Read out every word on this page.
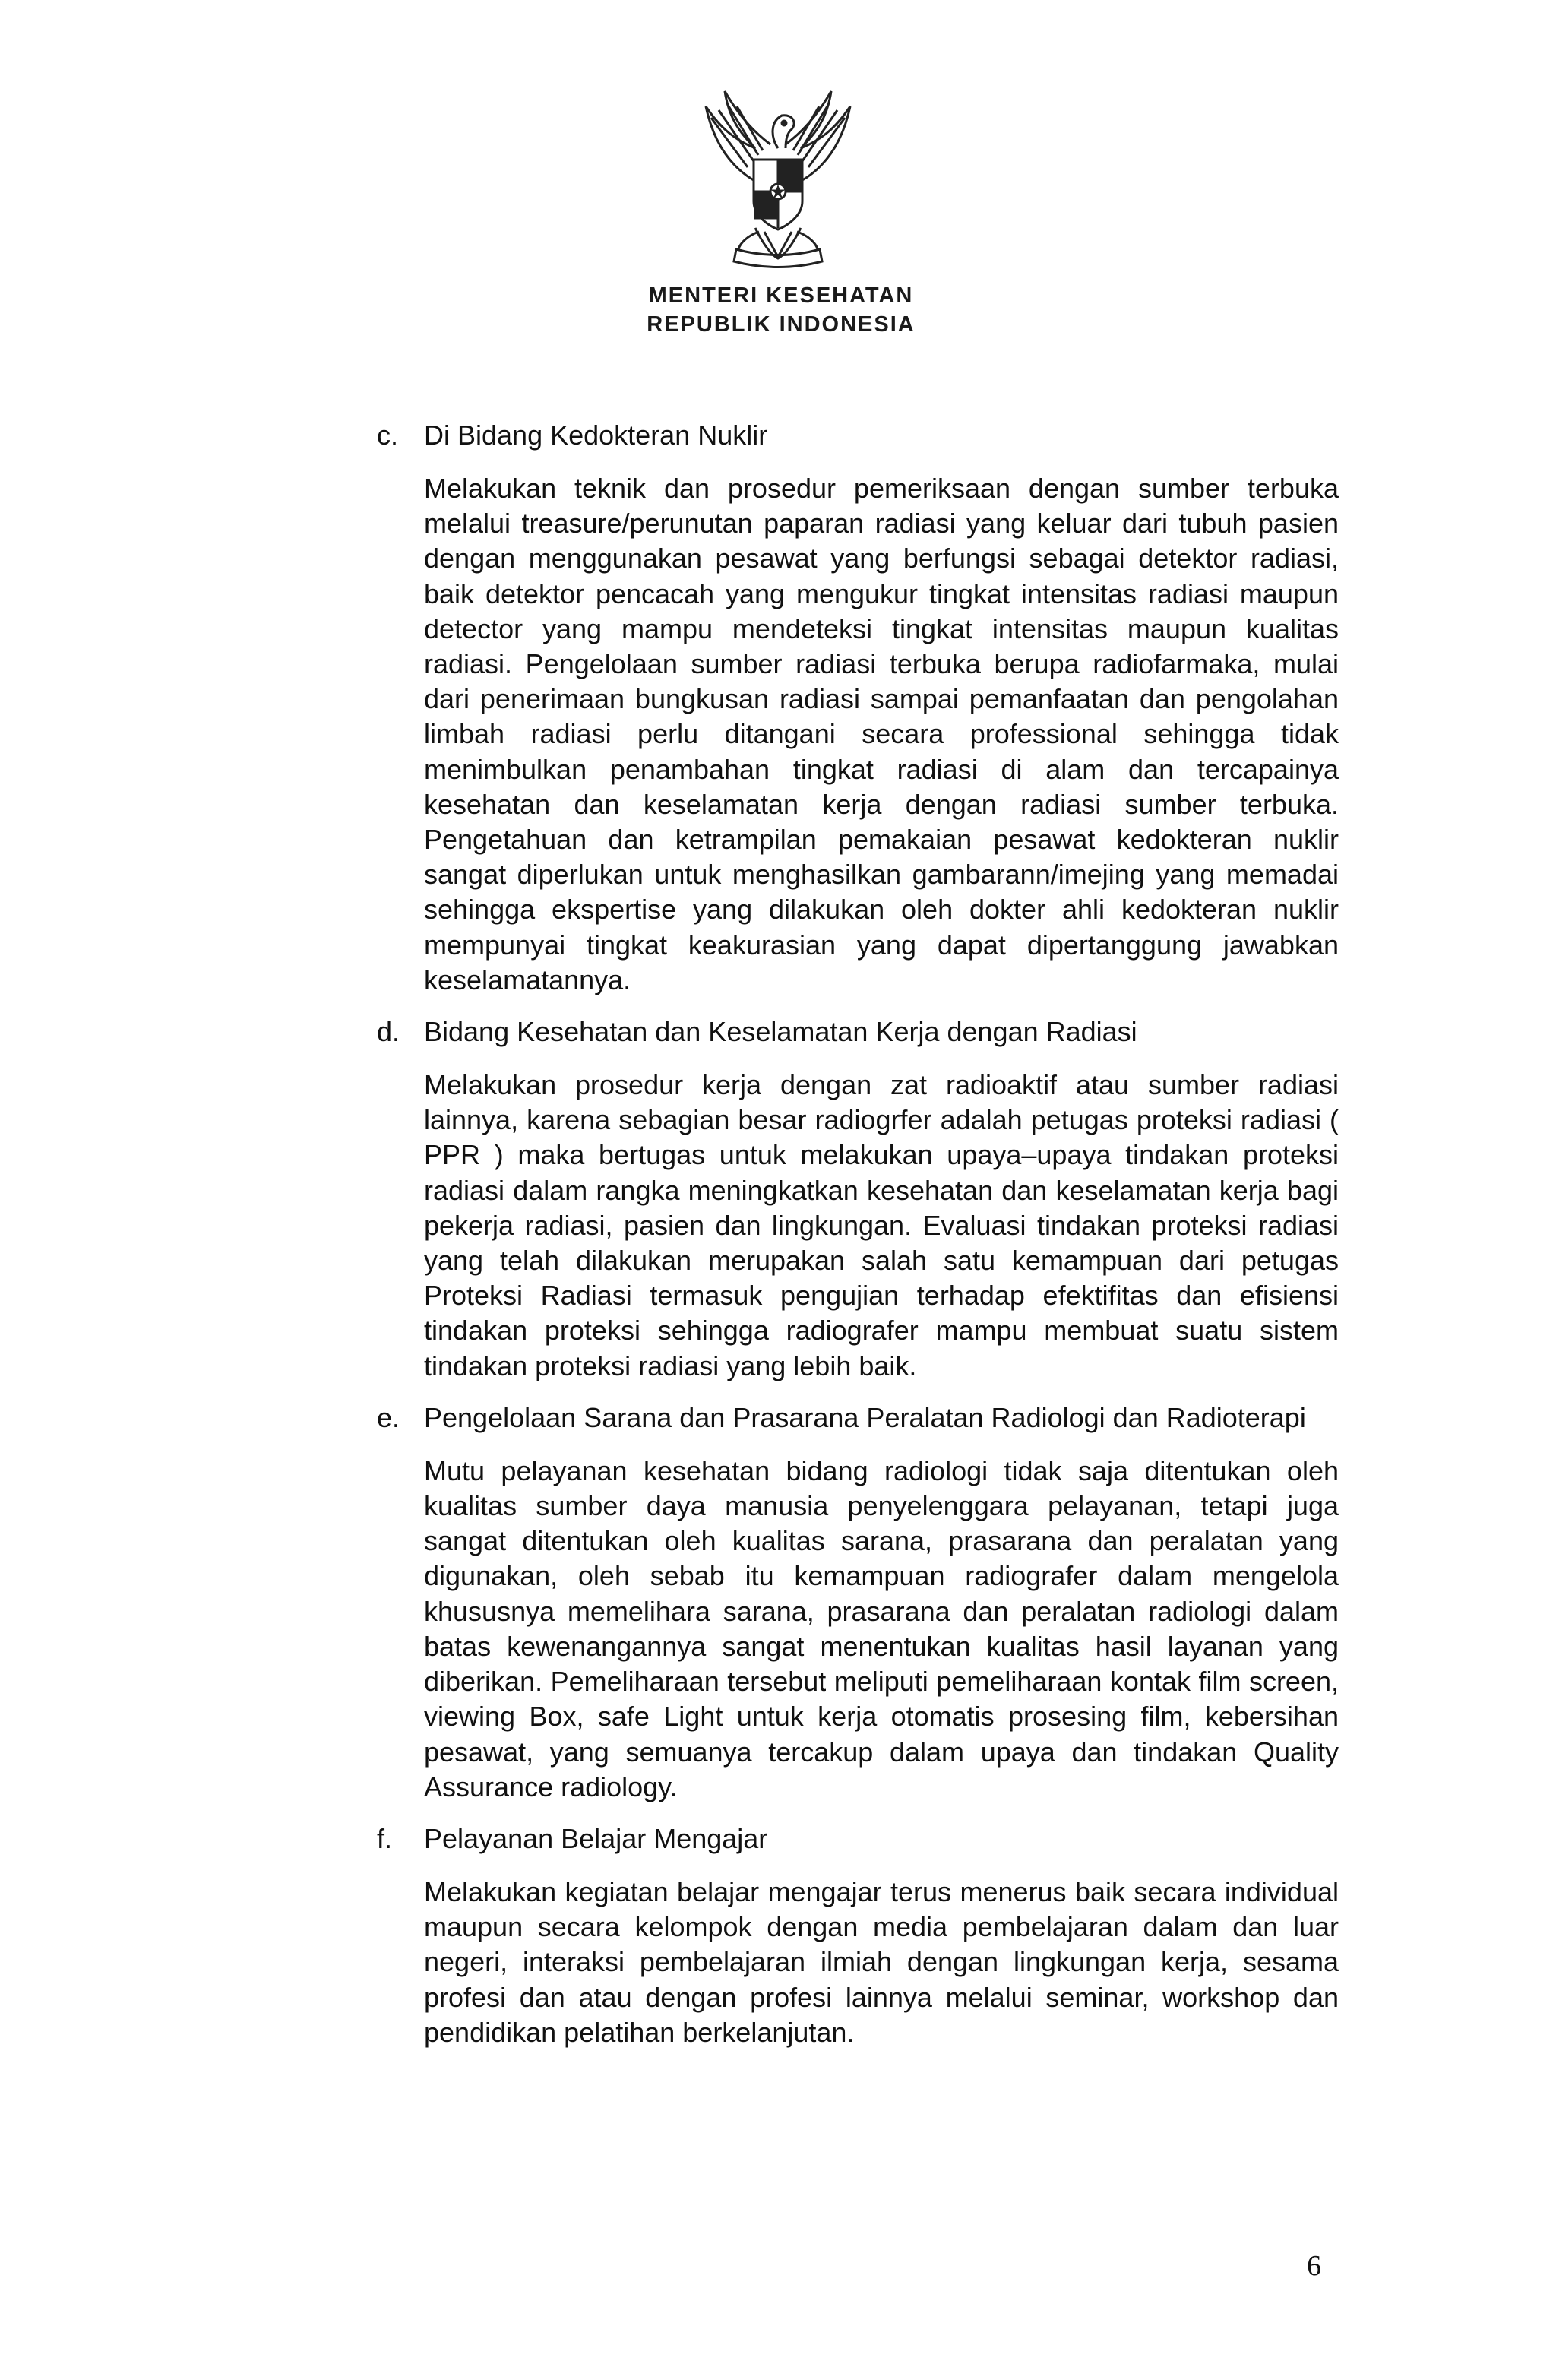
MENTERI KESEHATAN
REPUBLIK INDONESIA
c. Di Bidang Kedokteran Nuklir

Melakukan teknik dan prosedur pemeriksaan dengan sumber terbuka melalui treasure/perunutan paparan radiasi yang keluar dari tubuh pasien dengan menggunakan pesawat yang berfungsi sebagai detektor radiasi, baik detektor pencacah yang mengukur tingkat intensitas radiasi maupun detector yang mampu mendeteksi tingkat intensitas maupun kualitas radiasi. Pengelolaan sumber radiasi terbuka berupa radiofarmaka, mulai dari penerimaan bungkusan radiasi sampai pemanfaatan dan pengolahan limbah radiasi perlu ditangani secara professional sehingga tidak menimbulkan penambahan tingkat radiasi di alam dan tercapainya kesehatan dan keselamatan kerja dengan radiasi sumber terbuka. Pengetahuan dan ketrampilan pemakaian pesawat kedokteran nuklir sangat diperlukan untuk menghasilkan gambarann/imejing yang memadai sehingga ekspertise yang dilakukan oleh dokter ahli kedokteran nuklir mempunyai tingkat keakurasian yang dapat dipertanggung jawabkan keselamatannya.

d. Bidang Kesehatan dan Keselamatan Kerja dengan Radiasi

Melakukan prosedur kerja dengan zat radioaktif atau sumber radiasi lainnya, karena sebagian besar radiogrfer adalah petugas proteksi radiasi ( PPR ) maka bertugas untuk melakukan upaya–upaya tindakan proteksi radiasi dalam rangka meningkatkan kesehatan dan keselamatan kerja bagi pekerja radiasi, pasien dan lingkungan. Evaluasi tindakan proteksi radiasi yang telah dilakukan merupakan salah satu kemampuan dari petugas Proteksi Radiasi termasuk pengujian terhadap efektifitas dan efisiensi tindakan proteksi sehingga radiografer mampu membuat suatu sistem tindakan proteksi radiasi yang lebih baik.

e. Pengelolaan Sarana dan Prasarana Peralatan Radiologi dan Radioterapi

Mutu pelayanan kesehatan bidang radiologi tidak saja ditentukan oleh kualitas sumber daya manusia penyelenggara pelayanan, tetapi juga sangat ditentukan oleh kualitas sarana, prasarana dan peralatan yang digunakan, oleh sebab itu kemampuan radiografer dalam mengelola khususnya memelihara sarana, prasarana dan peralatan radiologi dalam batas kewenangannya sangat menentukan kualitas hasil layanan yang diberikan. Pemeliharaan tersebut meliputi pemeliharaan kontak film screen, viewing Box, safe Light untuk kerja otomatis prosesing film, kebersihan pesawat, yang semuanya tercakup dalam upaya dan tindakan Quality Assurance radiology.

f. Pelayanan Belajar Mengajar

Melakukan kegiatan belajar mengajar terus menerus baik secara individual maupun secara kelompok dengan media pembelajaran dalam dan luar negeri, interaksi pembelajaran ilmiah dengan lingkungan kerja, sesama profesi dan atau dengan profesi lainnya melalui seminar, workshop dan pendidikan pelatihan berkelanjutan.

6
